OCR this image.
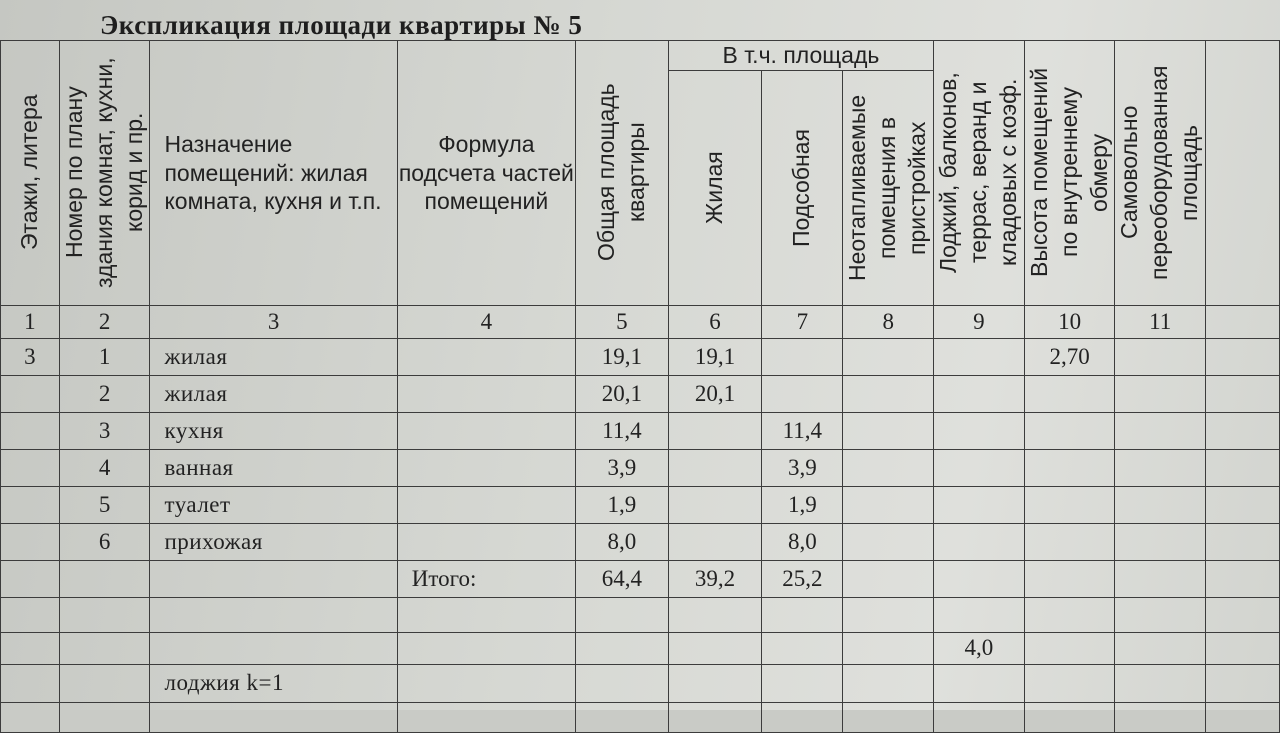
Экспликация площади квартиры № 5
Этажи, литера	Номер по плану здания комнат, кухни, корид и пр.	Назначение помещений: жилая комната, кухня и т.п.	Формула подсчета частей помещений	Общая площадь квартиры	В т.ч. площадь			Лоджий, балконов, террас, веранд и кладовых с коэф.	Высота помещений по внутреннему обмеру	Самовольно переоборудованная площадь	

					Жилая	Подсобная	Неотапливаемые помещения в пристройках				

1	2	3	4	5	6	7	8	9	10	11	
3	1	жилая		19,1	19,1				2,70		
	2	жилая		20,1	20,1						
	3	кухня		11,4		11,4					
	4	ванная		3,9		3,9					
	5	туалет		1,9		1,9					
	6	прихожая		8,0		8,0					
			Итого:	64,4	39,2	25,2					

								4,0			
		лоджия k=1									
